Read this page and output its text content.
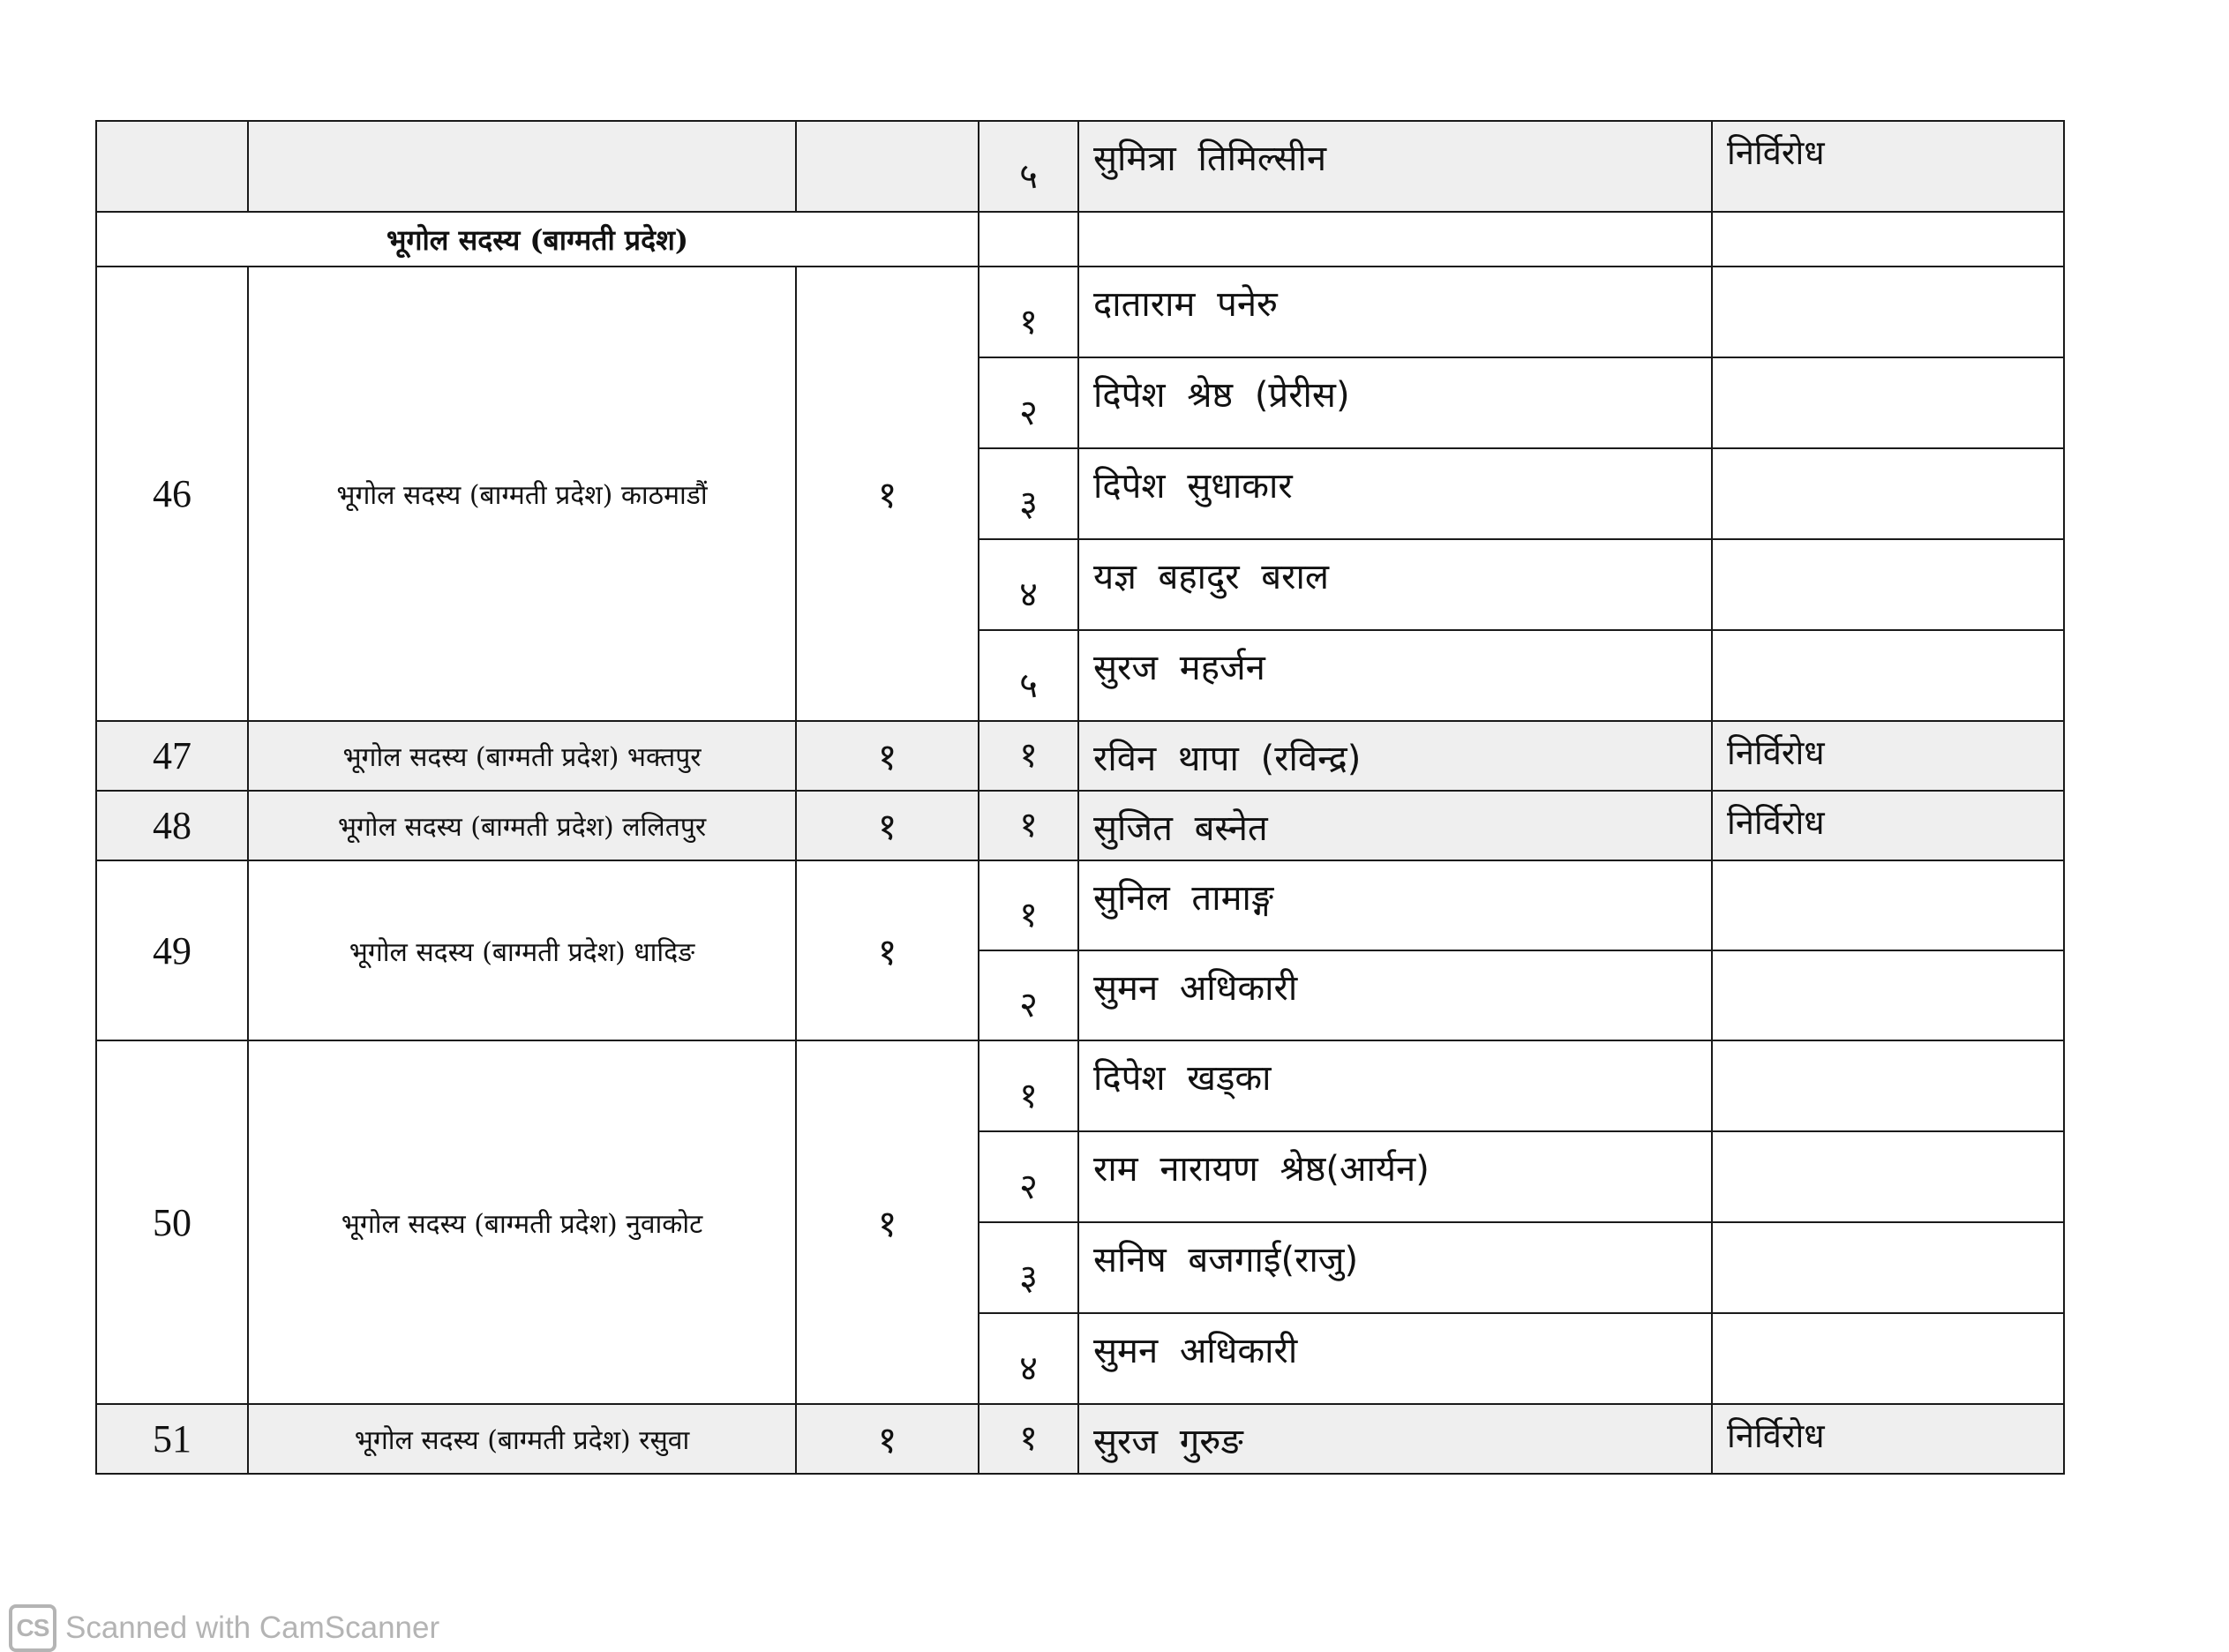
			५	सुमित्रा तिमिल्सीन	निर्विरोध
भूगोल सदस्य (बाग्मती प्रदेश)					
46	भूगोल सदस्य (बाग्मती प्रदेश) काठमाडौं	१	१	दाताराम पनेरु	
			२	दिपेश श्रेष्ठ (प्रेरीस)	
			३	दिपेश सुधाकार	
			४	यज्ञ बहादुर बराल	
			५	सुरज महर्जन	
47	भूगोल सदस्य (बाग्मती प्रदेश) भक्तपुर	१	१	रविन थापा (रविन्द्र)	निर्विरोध
48	भूगोल सदस्य (बाग्मती प्रदेश) ललितपुर	१	१	सुजित बस्नेत	निर्विरोध
49	भूगोल सदस्य (बाग्मती प्रदेश) धादिङ	१	१	सुनिल तामाङ्ग	
			२	सुमन अधिकारी	
50	भूगोल सदस्य (बाग्मती प्रदेश) नुवाकोट	१	१	दिपेश खड्का	
			२	राम नारायण श्रेष्ठ(आर्यन)	
			३	सनिष बजगाई(राजु)	
			४	सुमन अधिकारी	
51	भूगोल सदस्य (बाग्मती प्रदेश) रसुवा	१	१	सुरज गुरुङ	निर्विरोध
CS Scanned with CamScanner
